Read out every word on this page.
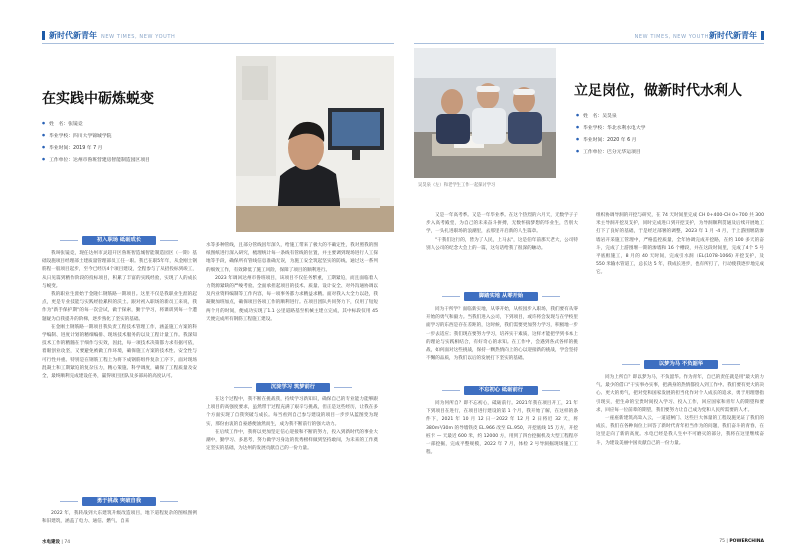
新时代新青年 NEW TIMES, NEW YOUTH	NEW TIMES, NEW YOUTH新时代新青年
在实践中砺炼蜕变
● 姓　名：张镜竞
● 毕业学校：四川大学锦城学院
● 毕业时间：2019 年 7 月
● 工作单位：达州市鲁班营建房智能制造园区项目
初入职场 砥砺成长

我叫张镜竞，现任达州市灵超开区鲁班智造城智能制造园区（一期）基础设施项目经理部土建质量管理部员工任一职。我已在职5年年，从金刚土钢筋程一般项目起步，至今已经历4个项目建设，全程参与了从招投标到竣工，从日见篇到精作阶段的投标项目，积累了丰富的实践经验，实现了人的成长与蜕变。

我的职业生涯始于金隆仁钢筋路一期项目。这里不仅是我职业生涯的起点，更是专业技能与实践经验累积的沃土。跟对初入职场的新员工来说，我作为"新手保护期"的每一次尝试，做于探索，勤于学习，将课训到每一个遭题疑为自我提升的阶梯，逐步熟化了坚实的基础。

在金刚土钢筋路一期项目我负责工程技术管理工作，涵盖施工方案的科学编制、进度计划的精细编排、现场技术服务的以及工程计量工作。我深知技术工作的精髓在于细作与实效，因此，每一项技术决策都力求有据可依，着眼创业攻坚，又要避免被做工作环境，确保施工方案的技术性、安全性与可行性并重。特别是在钢筋工程上为将下成钢筋组件复杂工序下，面对现场混凝土和工期紧迫的复杂压力，精心策施、科学调度，确保了工程质量及安全，最终顺利完成建设任务，赢得项目团队及多部局的高度认可。

勇于挑战 突破自我

2022 年，我转战到大东建筑升级改造项目，地下道程复杂的图纸图例和旧建筑，涵盖了电力、通信、燃气、自来

水等多种管线，且部分管线因年深久，给施工带来了极大的不确定性，我对照我的图纸图纸进行深入研究，梳理统计每一条线有管线的位置，并主要调到现场进行人工探地等手段，确保所有管线信息准确无误，为施工安全筑起坚实的防线。通过这一系列的细致工作，有效降低了施工风险，保障了项目的顺利进行。

2023 年调回达州市鲁班项目，该项目不仅任务繁重，工期紧迫，而且面临着人力资源紧缺的严峻考验。全面承担起项目的技术、质量、设计安全、对外沟通协调以及内业资料编制等工作内容，每一项事务都力求精益求精。面对我入大全力以赴，我凝聚加班加点，确保项目各项工作的顺利进行。在项目团队共同努力下，仅用了短短两个月的时间，便成功实现了1.1 公里道路基至机械主建立完成，其中标段仅用 45 天便完成所有钢筋工程施工建设。

沉淀学习 筑梦前行

在这个过程中，我不断在挑战我，持续学习新知识，确保自己的专业能力能够跟上项目的高强度要求，虽然带于过程充满了艰辛与挑战，但正是这些经历，让我在多个方面实现了自我突破与成长。每当看到自己参与建设的项目一步步从蓝图变为现实，那份由衷的自豪感便油然而生，成为我不断前行的强大动力。

在后续工作中，我将以更加坚定信心迎接和不断的努力，投入到新时代的事业大潮中，勤学习、多思考，努力做学习身边的优秀榜样做到坚持敢闯，为未来的工作奠定坚实的基础，为达州的发展贡献自己的一份力量。

立足岗位，做新时代水利人
● 姓　名：吴昊泉
● 毕业学校：华北水利水电大学
● 毕业时间：2020 年 6 月
● 工作单位：巴分元华运项目
吴昊泉（左）和老学生工作一起探讨学习

又是一年高考季。又是一年毕业季。在这个热烈的六月天，无数学子子步入高考殿堂，为自己的未来奋斗拼搏，无数怀揣梦想的毕业生，告别大学，一头扎进职场的浪潮里，去那里开启新的人生篇章。

"干我们这行的，皆为了人民，上马去"，这是伯年前那天老大，公司特别人公司的纪念大会上的一篇，这句话给我了很深的触动。

脚踏实地 从零开始

同为干所学？面临新实地，从零开始，从校园步入职场，我们要有从零开始的勇气和毅力。当我们进入公司，下到项目，或许将会发现与在学校里面学习的东西是存在差距的，这时候，我们需要更加努力学习，积极地一步一步去适应；我们现在要努力学习，培养实干素质，这样才能把学到书本上的理论与实践相结合，有好奇心的求知。在工作中，会遇到各式各样的挑战，如何面对这些挑战，保持一颗热情向上的心以迎接新的挑战，学会坚持不懈的品质，为我们以后的发展打下坚实的基础。

不忘初心 砥砺前行

同为何所自？即不忘初心，砥砺前行。2021年我在项目开工，21 年下到项目在进行，在项目进行建设的第 1 个月，我开始了解，在这样的条件下，2021 年 10 月 12 日一2022 年 12 月 2 日将近 32 天，将 380m³/30m 的导墙铁皮 EL.966 改至 EL.950，开挖底线 15 万方，开挖桩卡 — 天最近 600 米，约 12000 方，用到了四台挖掘机及大型工程程序一部挖掘，完成平整规模，2022 年 7 月，体检 2 号导洞掘现场施工工程。

组织协调导洞的开挖与研究，在 74 天时间里完成 CH 0+400-CH 0+700 共 300 米主导洞开挖及支护，同时完成进口到开挖支护，为导洞顺利贯通及后续开展地工打下了良好的基础，于是经过部署的调整，2023 年 1 月 -4 月，于上游围堰防渗墙岩开采施工管理中，严格监控质量，全年协调完成开挖路，在约 100 多天的奋斗，完成了上游围堰一期的渗墙和 16 个槽段，并在这段时间里，完成了4个 5 号平底框施工，8 月的 40 天时间，完成引水洞（EL(1078-1066) 开挖支护，及 550 米输水管道工，总长达 5 年，我成长进步，也有所打了，行动使我逐步地完成它。

以梦为马 不负韶华

同为上所自？即以梦为马，不负韶华。作为青年，自已的责任就是用"最大的力气、最少的借口"干实事办实事，把满身的热情都投入到工作中。我们要有更大的决心、更大的勇气，把对党和国家发展的担当化作对个人成长的追求，勇于用理想指引现实，把生命的宝贵时间投入学习、投入工作，回应国家和青年人的期望和要求，回应每一位前辈的期望，我们要努力让自己成为党和人民所需要的人才。

一座座新建筑高耸入云，一道道闸门、这些巨大体量的工程设施见证了我们的成长，我们在各种岗位上回答了新时代青年担当作为的问题，我们奋斗的青春，在这里走向了新的高度。水电已经是我人生中不可磨灭的部分，我将在这里继续奋斗，为建设美丽中国贡献自己的一份力量。

水电建设 | 74	75 | POWERCHINA
